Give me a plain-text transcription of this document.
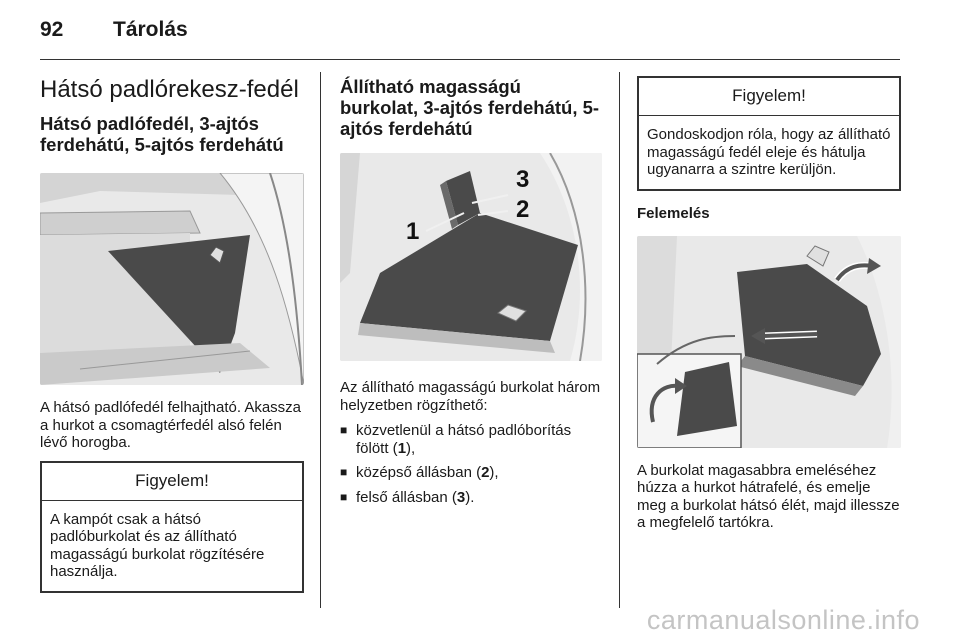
92 Tárolás
Hátsó padlórekesz-fedél
Hátsó padlófedél, 3-ajtós ferdehátú, 5-ajtós ferdehátú

A hátsó padlófedél felhajtható. Akassza a hurkot a csomagtérfedél alsó felén lévő horogba.

Figyelem!
A kampót csak a hátsó padlóburkolat és az állítható magasságú burkolat rögzítésére használja.
Állítható magasságú burkolat, 3-ajtós ferdehátú, 5-ajtós ferdehátú
1
2
3

Az állítható magasságú burkolat három helyzetben rögzíthető:

■ közvetlenül a hátsó padlóborítás fölött (1),
■ középső állásban (2),
■ felső állásban (3).
Figyelem!
Gondoskodjon róla, hogy az állítható magasságú fedél eleje és hátulja ugyanarra a szintre kerüljön.
Felemelés

A burkolat magasabbra emeléséhez húzza a hurkot hátrafelé, és emelje meg a burkolat hátsó élét, majd illessze a megfelelő tartókra.

carmanualsonline.info
